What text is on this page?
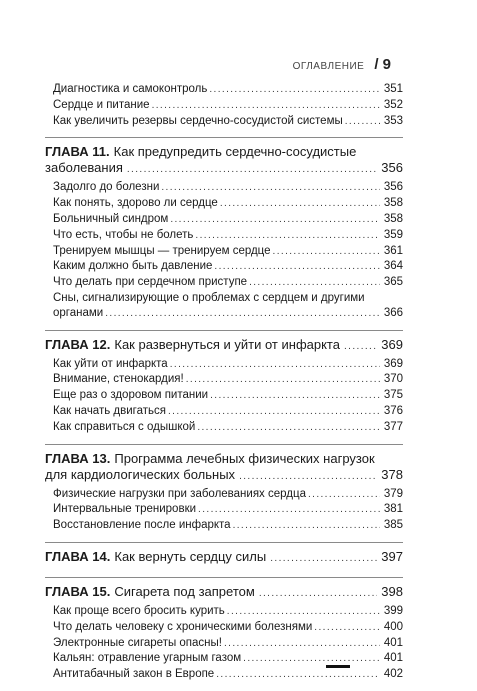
ОГЛАВЛЕНИЕ / 9
Диагностика и самоконтроль .....	351
Сердце и питание .....	352
Как увеличить резервы сердечно-сосудистой системы .....	353
ГЛАВА 11. Как предупредить сердечно-сосудистые
заболевания .....	356
Задолго до болезни .....	356
Как понять, здорово ли сердце .....	358
Больничный синдром .....	358
Что есть, чтобы не болеть .....	359
Тренируем мышцы — тренируем сердце .....	361
Каким должно быть давление .....	364
Что делать при сердечном приступе .....	365
Сны, сигнализирующие о проблемах с сердцем и другими
органами .....	366
ГЛАВА 12. Как развернуться и уйти от инфаркта .....	369
Как уйти от инфаркта .....	369
Внимание, стенокардия! .....	370
Еще раз о здоровом питании .....	375
Как начать двигаться .....	376
Как справиться с одышкой .....	377
ГЛАВА 13. Программа лечебных физических нагрузок
для кардиологических больных .....	378
Физические нагрузки при заболеваниях сердца .....	379
Интервальные тренировки .....	381
Восстановление после инфаркта .....	385
ГЛАВА 14. Как вернуть сердцу силы .....	397
ГЛАВА 15. Сигарета под запретом .....	398
Как проще всего бросить курить .....	399
Что делать человеку с хроническими болезнями .....	400
Электронные сигареты опасны! .....	401
Кальян: отравление угарным газом .....	401
Антитабачный закон в Европе .....	402
